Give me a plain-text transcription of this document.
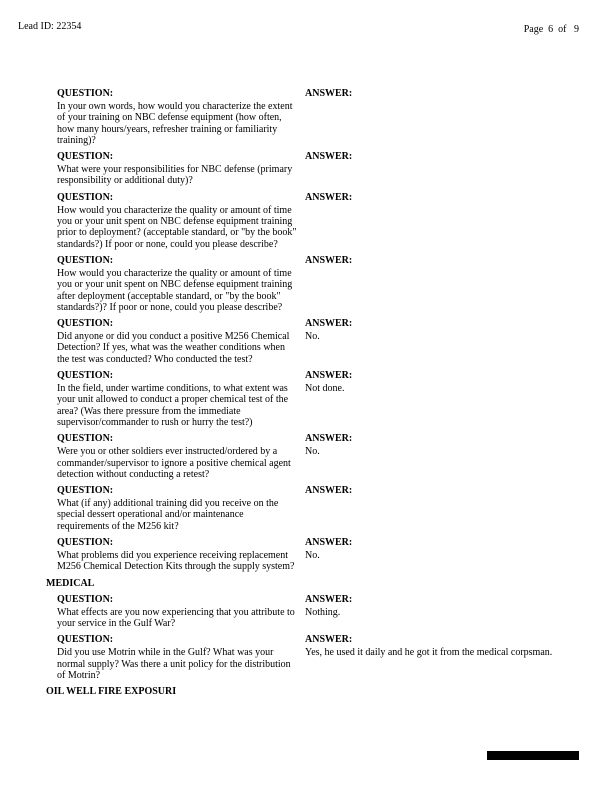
Lead ID: 22354	Page  6  of   9
QUESTION:
In your own words, how would you characterize the extent of your training on NBC defense equipment (how often, how many hours/years, refresher training or familiarity training)?
ANSWER:
QUESTION:
What were your responsibilities for NBC defense (primary responsibility or additional duty)?
ANSWER:
QUESTION:
How would you characterize the quality or amount of time you or your unit spent on NBC defense equipment training prior to deployment? (acceptable standard, or "by the book" standards?) If poor or none, could you please describe?
ANSWER:
QUESTION:
How would you characterize the quality or amount of time you or your unit spent on NBC defense equipment training after deployment (acceptable standard, or "by the book" standards?)? If poor or none, could you please describe?
ANSWER:
QUESTION:
Did anyone or did you conduct a positive M256 Chemical Detection? If yes, what was the weather conditions when the test was conducted? Who conducted the test?
ANSWER:
No.
QUESTION:
In the field, under wartime conditions, to what extent was your unit allowed to conduct a proper chemical test of the area? (Was there pressure from the immediate supervisor/commander to rush or hurry the test?)
ANSWER:
Not done.
QUESTION:
Were you or other soldiers ever instructed/ordered by a commander/supervisor to ignore a positive chemical agent detection without conducting a retest?
ANSWER:
No.
QUESTION:
What (if any) additional training did you receive on the special dessert operational and/or maintenance requirements of the M256 kit?
ANSWER:
QUESTION:
What problems did you experience receiving replacement M256 Chemical Detection Kits through the supply system?
ANSWER:
No.
MEDICAL
QUESTION:
What effects are you now experiencing that you attribute to your service in the Gulf War?
ANSWER:
Nothing.
QUESTION:
Did you use Motrin while in the Gulf? What was your normal supply? Was there a unit policy for the distribution of Motrin?
ANSWER:
Yes, he used it daily and he got it from the medical corpsman.
OIL WELL FIRE EXPOSURI
